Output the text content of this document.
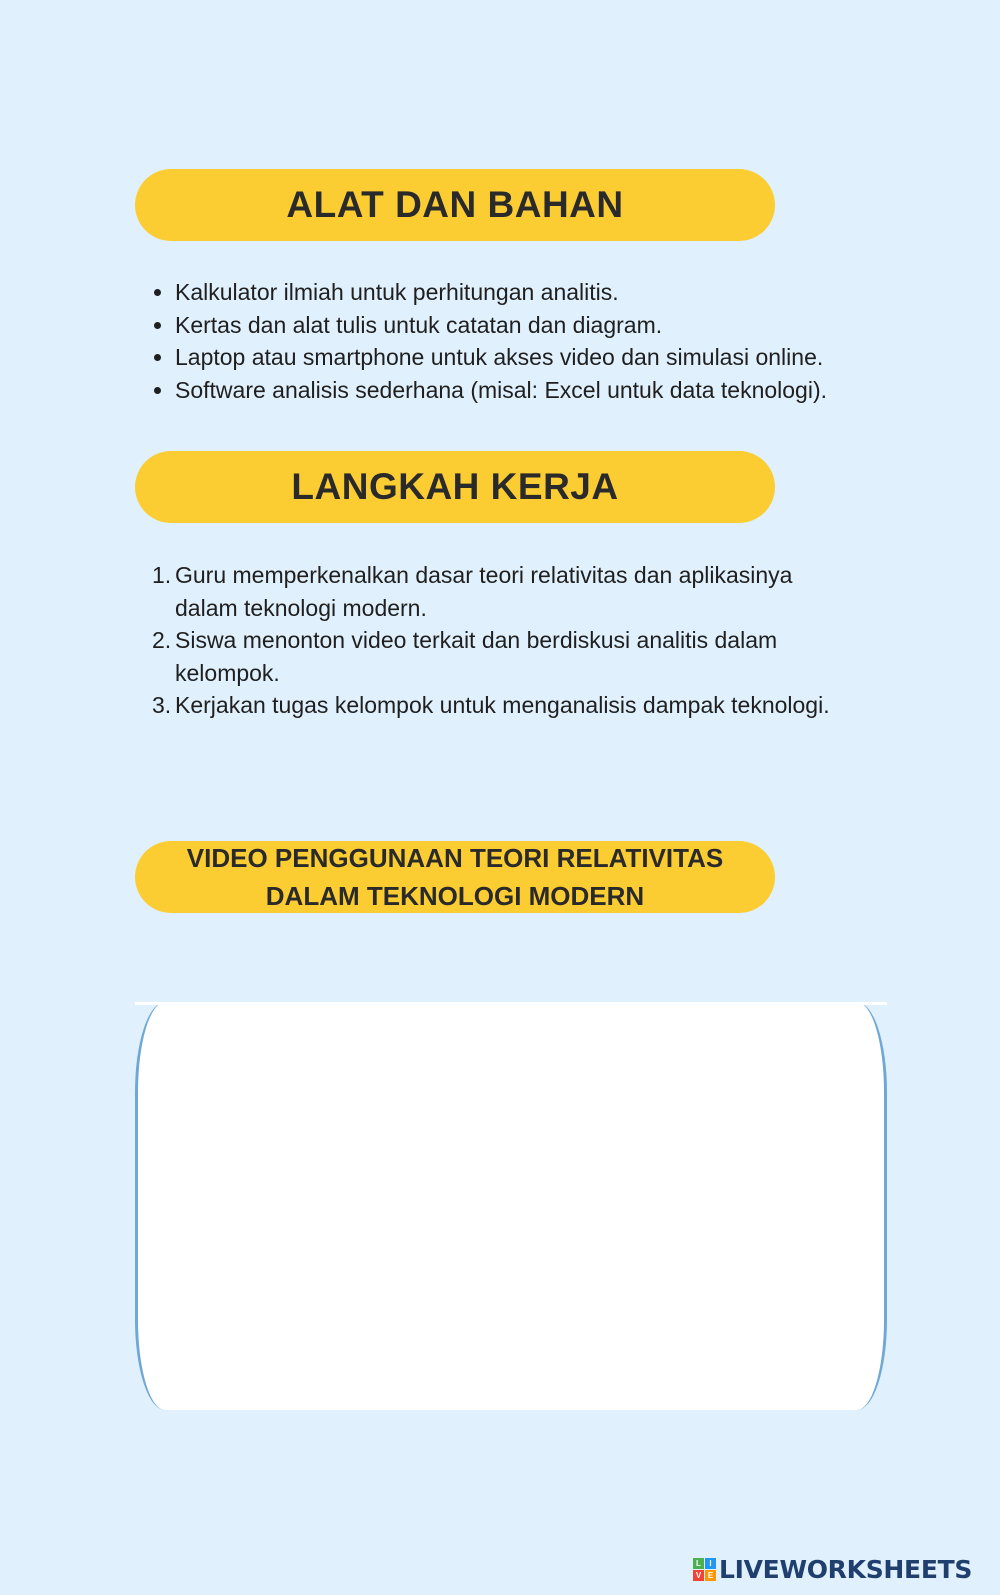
ALAT DAN BAHAN
Kalkulator ilmiah untuk perhitungan analitis.
Kertas dan alat tulis untuk catatan dan diagram.
Laptop atau smartphone untuk akses video dan simulasi online.
Software analisis sederhana (misal: Excel untuk data teknologi).
LANGKAH KERJA
1. Guru memperkenalkan dasar teori relativitas dan aplikasinya dalam teknologi modern.
2. Siswa menonton video terkait dan berdiskusi analitis dalam kelompok.
3. Kerjakan tugas kelompok untuk menganalisis dampak teknologi.
VIDEO PENGGUNAAN TEORI RELATIVITAS
DALAM TEKNOLOGI MODERN
L	I
V E LIVEWORKSHEETS
